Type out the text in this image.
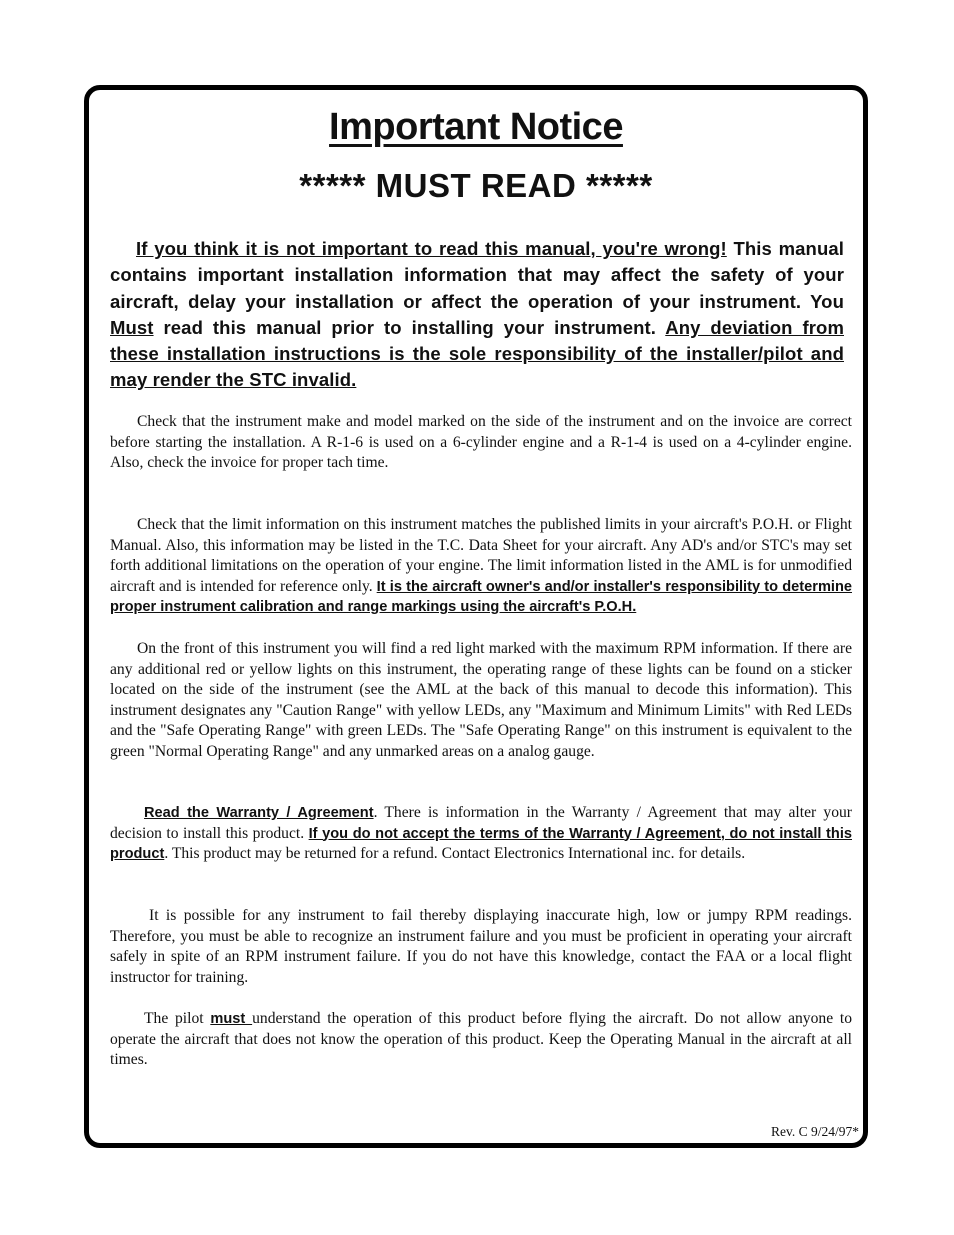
Important Notice
***** MUST READ *****

If you think it is not important to read this manual, you're wrong! This manual contains important installation information that may affect the safety of your aircraft, delay your installation or affect the operation of your instrument. You Must read this manual prior to installing your instrument. Any deviation from these installation instructions is the sole responsibility of the installer/pilot and may render the STC invalid.

Check that the instrument make and model marked on the side of the instrument and on the invoice are correct before starting the installation. A R-1-6 is used on a 6-cylinder engine and a R-1-4 is used on a 4-cylinder engine. Also, check the invoice for proper tach time.

Check that the limit information on this instrument matches the published limits in your aircraft's P.O.H. or Flight Manual. Also, this information may be listed in the T.C. Data Sheet for your aircraft. Any AD's and/or STC's may set forth additional limitations on the operation of your engine. The limit information listed in the AML is for unmodified aircraft and is intended for reference only. It is the aircraft owner's and/or installer's responsibility to determine proper instrument calibration and range markings using the aircraft's P.O.H.

On the front of this instrument you will find a red light marked with the maximum RPM information. If there are any additional red or yellow lights on this instrument, the operating range of these lights can be found on a sticker located on the side of the instrument (see the AML at the back of this manual to decode this information). This instrument designates any "Caution Range" with yellow LEDs, any "Maximum and Minimum Limits" with Red LEDs and the "Safe Operating Range" with green LEDs. The "Safe Operating Range" on this instrument is equivalent to the green "Normal Operating Range" and any unmarked areas on a analog gauge.

Read the Warranty / Agreement. There is information in the Warranty / Agreement that may alter your decision to install this product. If you do not accept the terms of the Warranty / Agreement, do not install this product. This product may be returned for a refund. Contact Electronics International inc. for details.

It is possible for any instrument to fail thereby displaying inaccurate high, low or jumpy RPM readings. Therefore, you must be able to recognize an instrument failure and you must be proficient in operating your aircraft safely in spite of an RPM instrument failure. If you do not have this knowledge, contact the FAA or a local flight instructor for training.

The pilot must understand the operation of this product before flying the aircraft. Do not allow anyone to operate the aircraft that does not know the operation of this product. Keep the Operating Manual in the aircraft at all times.

Rev. C 9/24/97*
